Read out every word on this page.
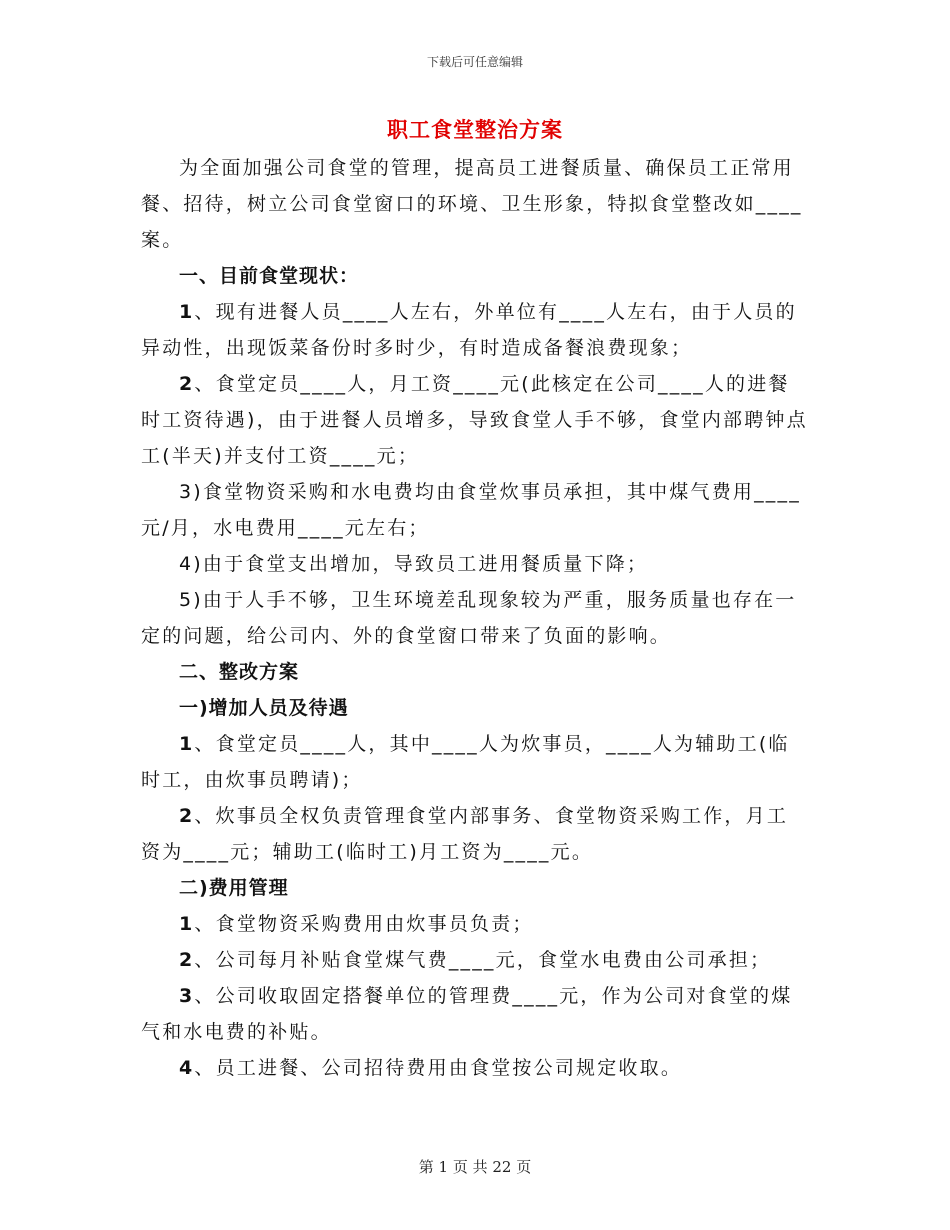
下载后可任意编辑
职工食堂整治方案

为全面加强公司食堂的管理，提高员工进餐质量、确保员工正常用餐、招待，树立公司食堂窗口的环境、卫生形象，特拟食堂整改如____案。

一、目前食堂现状：

1、现有进餐人员____人左右，外单位有____人左右，由于人员的异动性，出现饭菜备份时多时少，有时造成备餐浪费现象；

2、食堂定员____人，月工资____元(此核定在公司____人的进餐时工资待遇)，由于进餐人员增多，导致食堂人手不够，食堂内部聘钟点工(半天)并支付工资____元；

3)食堂物资采购和水电费均由食堂炊事员承担，其中煤气费用____元/月，水电费用____元左右；

4)由于食堂支出增加，导致员工进用餐质量下降；

5)由于人手不够，卫生环境差乱现象较为严重，服务质量也存在一定的问题，给公司内、外的食堂窗口带来了负面的影响。

二、整改方案

一)增加人员及待遇

1、食堂定员____人，其中____人为炊事员，____人为辅助工(临时工，由炊事员聘请)；

2、炊事员全权负责管理食堂内部事务、食堂物资采购工作，月工资为____元；辅助工(临时工)月工资为____元。

二)费用管理

1、食堂物资采购费用由炊事员负责；

2、公司每月补贴食堂煤气费____元，食堂水电费由公司承担；

3、公司收取固定搭餐单位的管理费____元，作为公司对食堂的煤气和水电费的补贴。

4、员工进餐、公司招待费用由食堂按公司规定收取。

第 1 页 共 22 页
